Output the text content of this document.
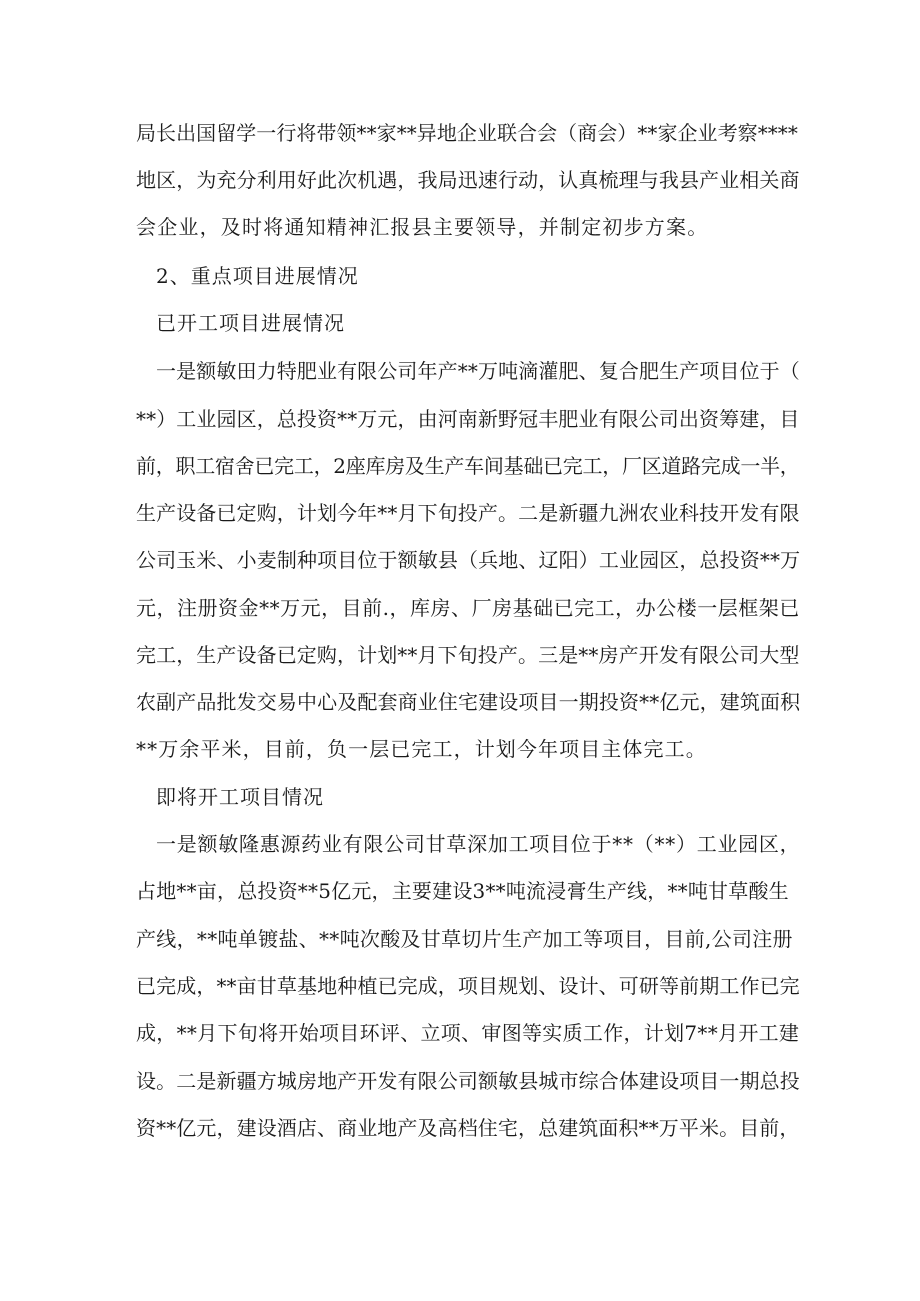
局长出国留学一行将带领**家**异地企业联合会（商会）**家企业考察****
地区，为充分利用好此次机遇，我局迅速行动，认真梳理与我县产业相关商
会企业，及时将通知精神汇报县主要领导，并制定初步方案。
2、重点项目进展情况
已开工项目进展情况
一是额敏田力特肥业有限公司年产**万吨滴灌肥、复合肥生产项目位于（
**）工业园区，总投资**万元，由河南新野冠丰肥业有限公司出资筹建，目
前，职工宿舍已完工，2座库房及生产车间基础已完工，厂区道路完成一半，
生产设备已定购，计划今年**月下旬投产。二是新疆九洲农业科技开发有限
公司玉米、小麦制种项目位于额敏县（兵地、辽阳）工业园区，总投资**万
元，注册资金**万元，目前.，库房、厂房基础已完工，办公楼一层框架已
完工，生产设备已定购，计划**月下旬投产。三是**房产开发有限公司大型
农副产品批发交易中心及配套商业住宅建设项目一期投资**亿元，建筑面积
**万余平米，目前，负一层已完工，计划今年项目主体完工。
即将开工项目情况
一是额敏隆惠源药业有限公司甘草深加工项目位于**（**）工业园区，
占地**亩，总投资**5亿元，主要建设3**吨流浸膏生产线，**吨甘草酸生
产线，**吨单镀盐、**吨次酸及甘草切片生产加工等项目，目前,公司注册
已完成，**亩甘草基地种植已完成，项目规划、设计、可研等前期工作已完
成，**月下旬将开始项目环评、立项、审图等实质工作，计划7**月开工建
设。二是新疆方城房地产开发有限公司额敏县城市综合体建设项目一期总投
资**亿元，建设酒店、商业地产及高档住宅，总建筑面积**万平米。目前，
